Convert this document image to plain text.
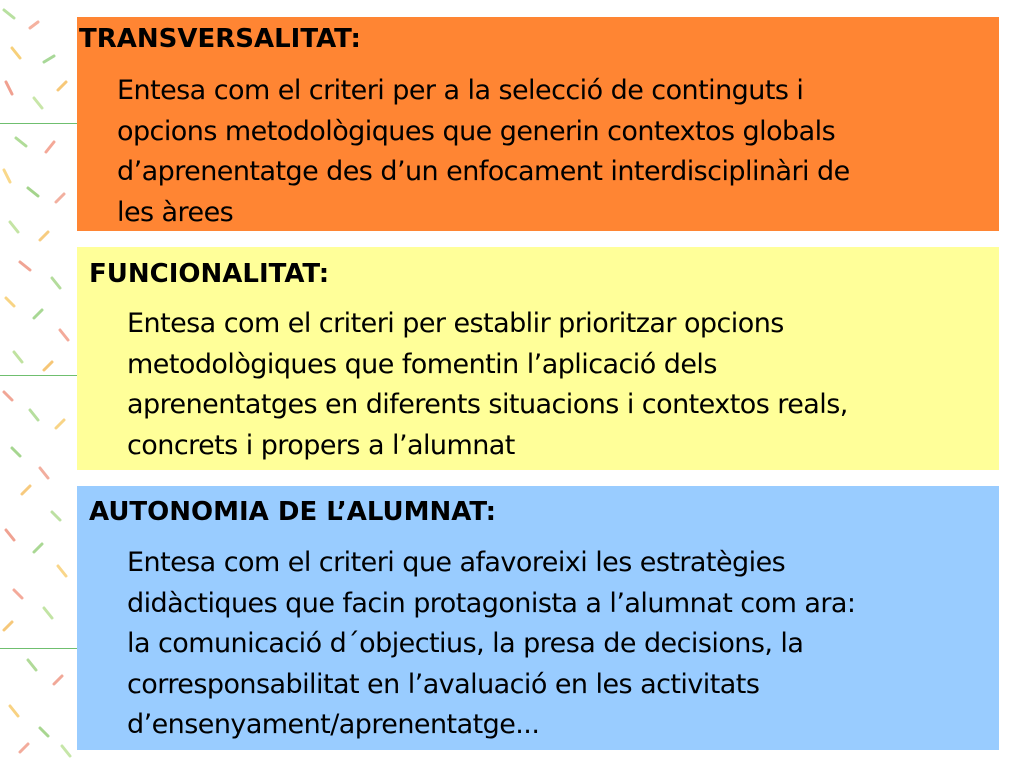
TRANSVERSALITAT:
Entesa com el criteri per a la selecció de continguts i
opcions metodològiques que generin contextos globals
d’aprenentatge des d’un enfocament interdisciplinàri de
les àrees
FUNCIONALITAT:
Entesa com el criteri per establir prioritzar opcions
metodològiques que fomentin l’aplicació dels
aprenentatges en diferents situacions i contextos reals,
concrets i propers a l’alumnat
AUTONOMIA DE L’ALUMNAT:
Entesa com el criteri que afavoreixi les estratègies
didàctiques que facin protagonista a l’alumnat com ara:
la comunicació d´objectius, la presa de decisions, la
corresponsabilitat en l’avaluació en les activitats
d’ensenyament/aprenentatge...
